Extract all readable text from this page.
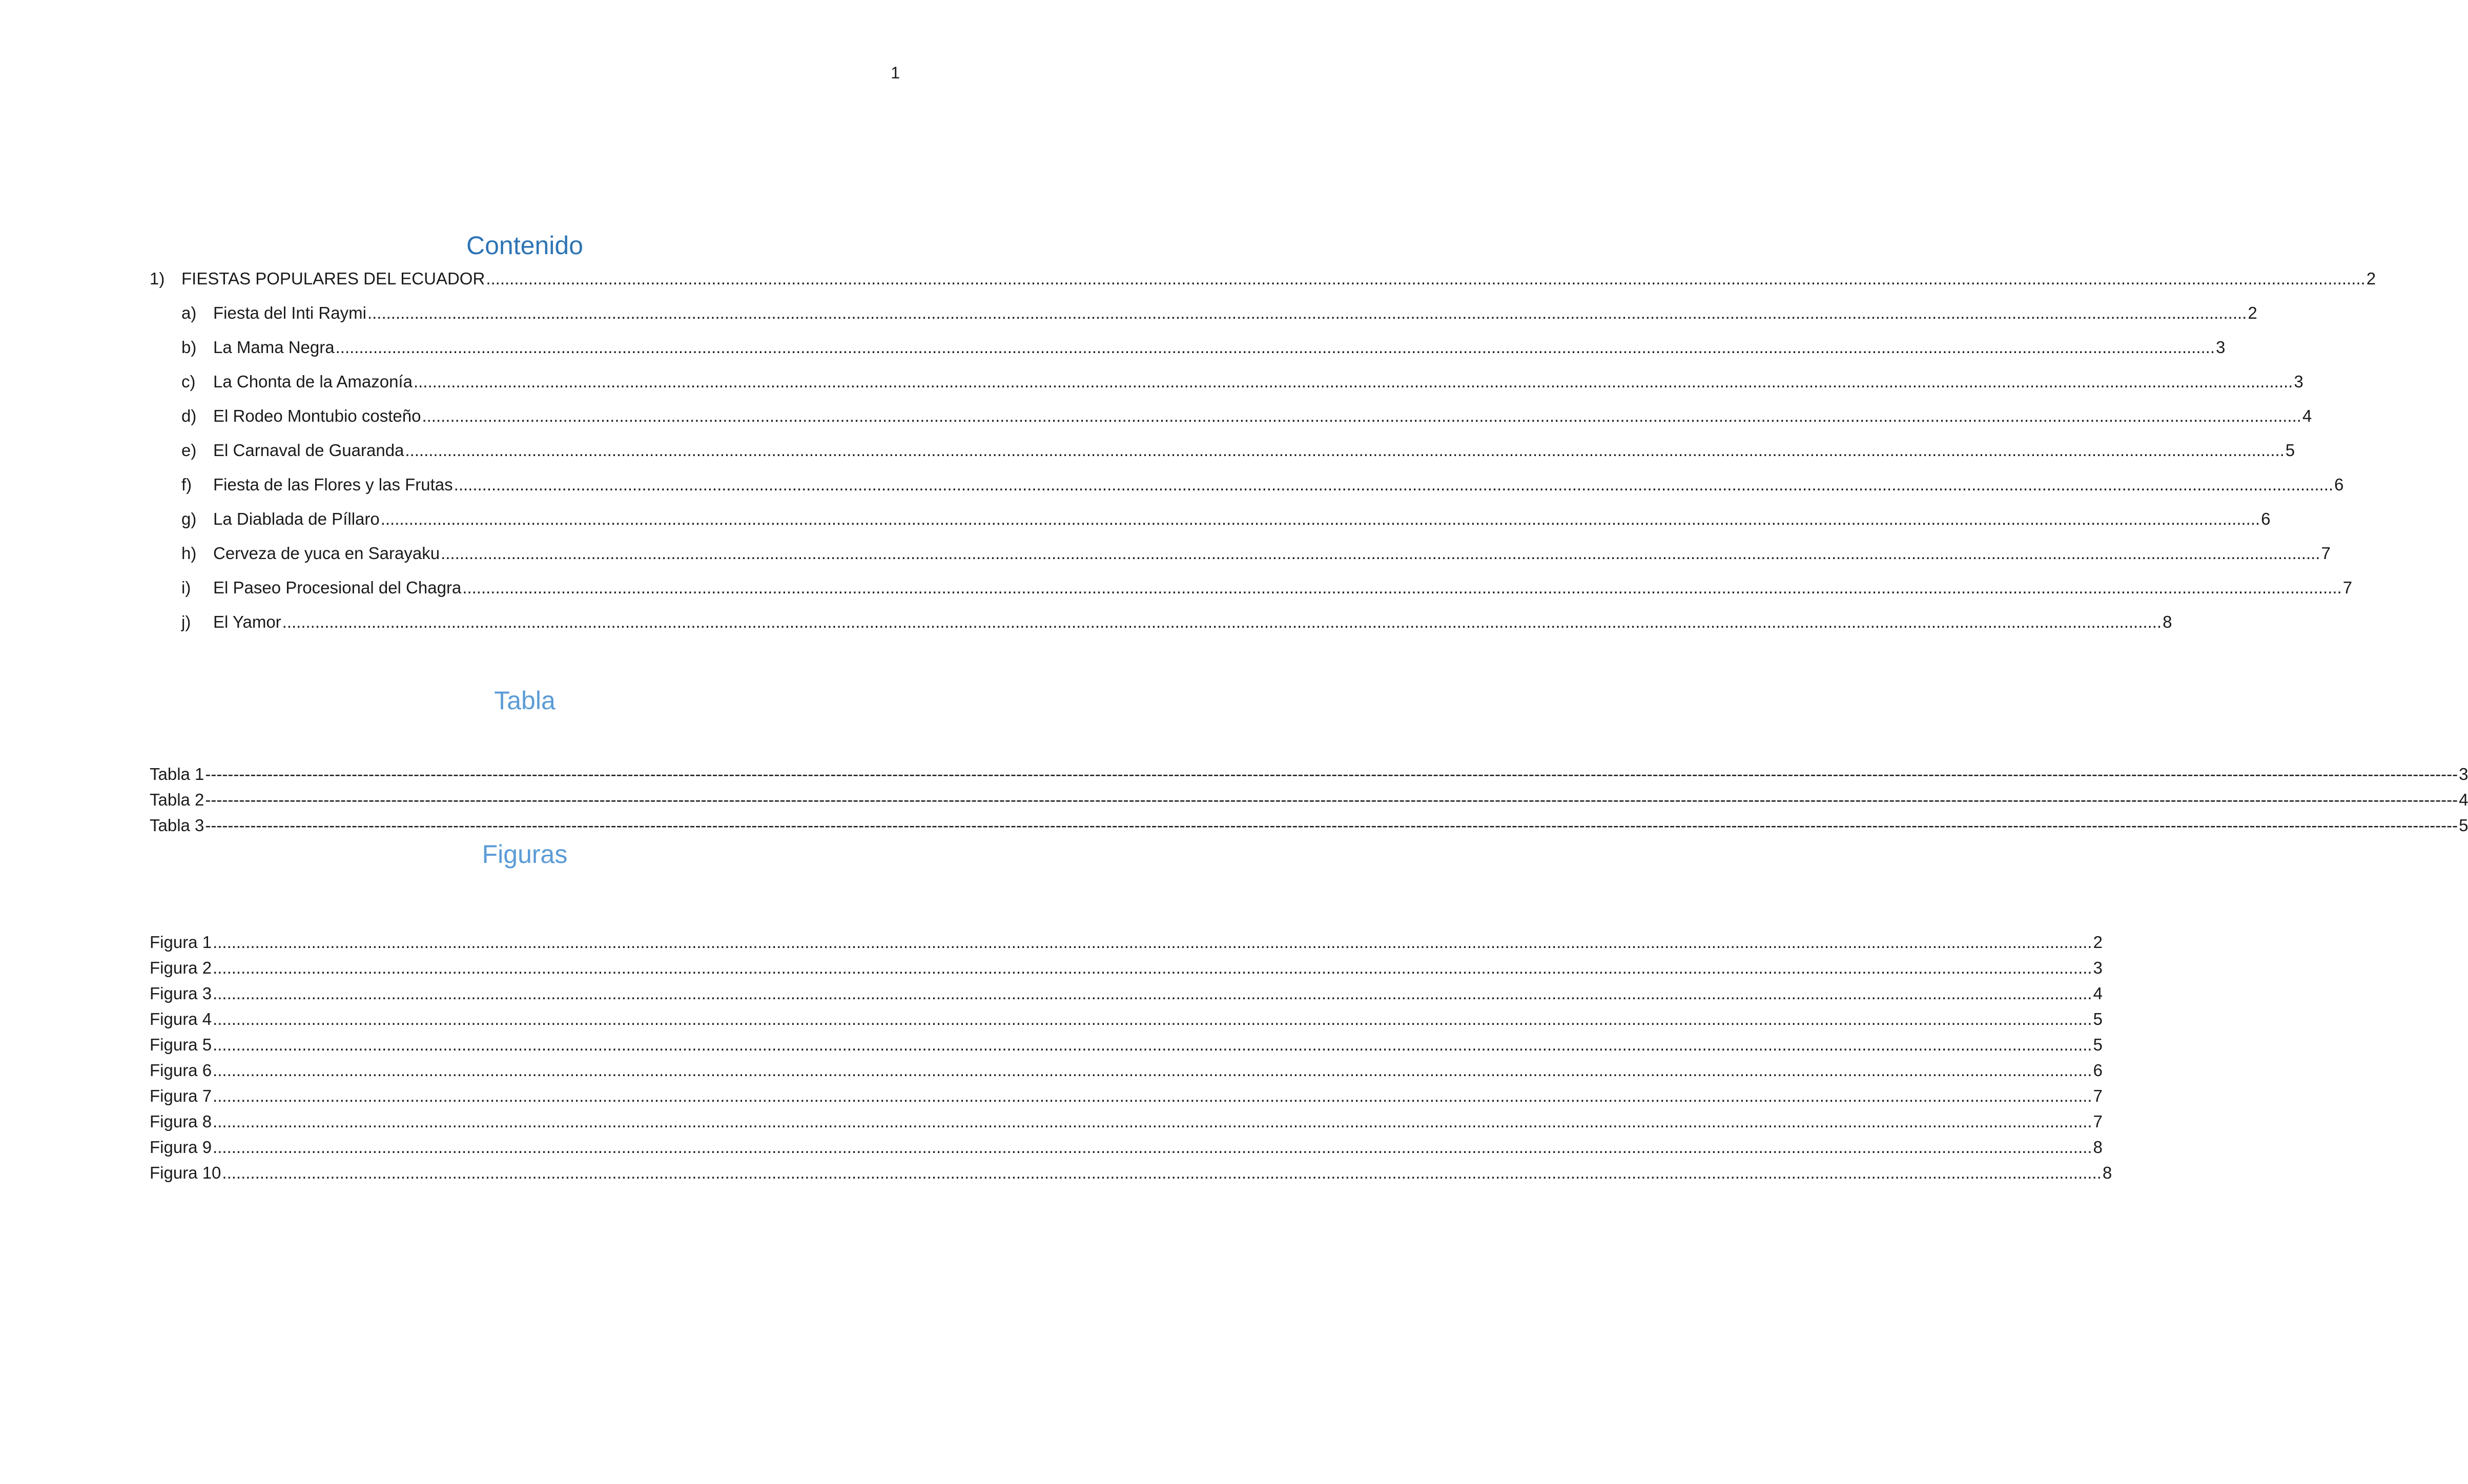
1
Contenido
1) FIESTAS POPULARES DEL ECUADOR ................................................................................................................................................................................................................................................................................................................................................................................................................ 2
a) Fiesta del Inti Raymi ................................................................................................................................................................................................................................................................................................................................................................................................................ 2
b) La Mama Negra ................................................................................................................................................................................................................................................................................................................................................................................................................ 3
c)	La Chonta de la Amazonía ................................................................................................................................................................................................................................................................................................................................................................................................................ 3
d) El Rodeo Montubio costeño ................................................................................................................................................................................................................................................................................................................................................................................................................ 4
e) El Carnaval de Guaranda ................................................................................................................................................................................................................................................................................................................................................................................................................ 5
f)	Fiesta de las Flores y las Frutas ................................................................................................................................................................................................................................................................................................................................................................................................................ 6
g) La Diablada de Píllaro ................................................................................................................................................................................................................................................................................................................................................................................................................ 6
h) Cerveza de yuca en Sarayaku ................................................................................................................................................................................................................................................................................................................................................................................................................ 7
i)	El Paseo Procesional del Chagra ................................................................................................................................................................................................................................................................................................................................................................................................................ 7
j)	El Yamor ................................................................................................................................................................................................................................................................................................................................................................................................................ 8
Tabla
Tabla 1 ---------------------------------------------------------------------------------------------------------------------------------------------------------------------------------------------------------------------------------------------------------------------------------------------------------------------------------------------------------------------------------------------------------------- 3
Tabla 2 ---------------------------------------------------------------------------------------------------------------------------------------------------------------------------------------------------------------------------------------------------------------------------------------------------------------------------------------------------------------------------------------------------------------- 4
Tabla 3 ---------------------------------------------------------------------------------------------------------------------------------------------------------------------------------------------------------------------------------------------------------------------------------------------------------------------------------------------------------------------------------------------------------------- 5
Figuras
Figura 1 ................................................................................................................................................................................................................................................................................................................................................................................................................ 2
Figura 2 ................................................................................................................................................................................................................................................................................................................................................................................................................ 3
Figura 3 ................................................................................................................................................................................................................................................................................................................................................................................................................ 4
Figura 4 ................................................................................................................................................................................................................................................................................................................................................................................................................ 5
Figura 5 ................................................................................................................................................................................................................................................................................................................................................................................................................ 5
Figura 6 ................................................................................................................................................................................................................................................................................................................................................................................................................ 6
Figura 7 ................................................................................................................................................................................................................................................................................................................................................................................................................ 7
Figura 8 ................................................................................................................................................................................................................................................................................................................................................................................................................ 7
Figura 9 ................................................................................................................................................................................................................................................................................................................................................................................................................ 8
Figura 10 ................................................................................................................................................................................................................................................................................................................................................................................................................ 8
